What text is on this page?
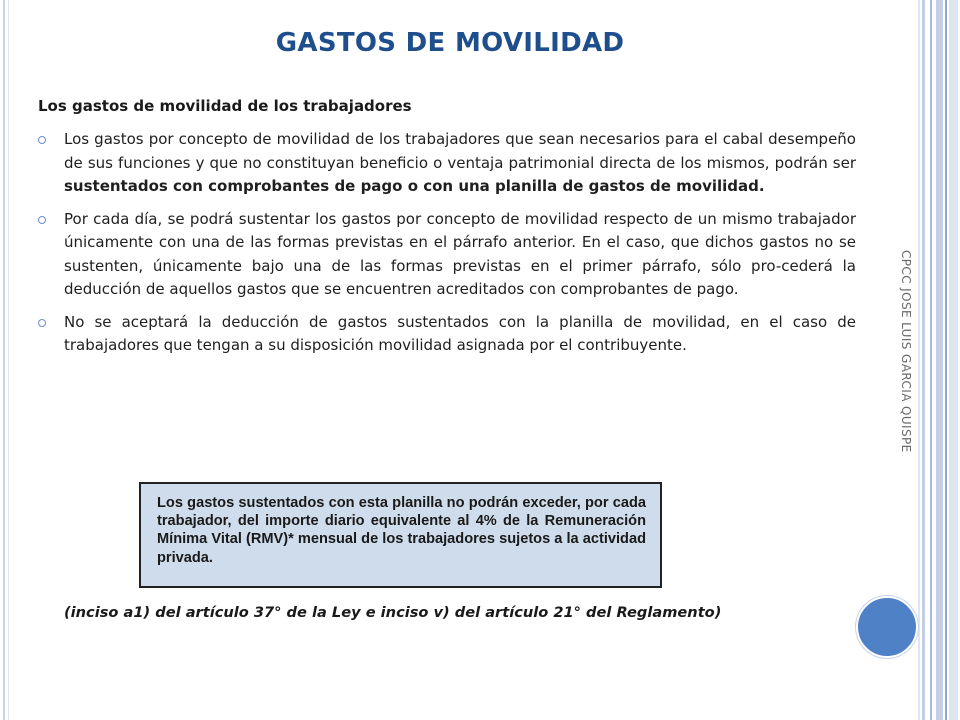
GASTOS DE MOVILIDAD
Los gastos de movilidad de los trabajadores
Los gastos por concepto de movilidad de los trabajadores que sean necesarios para el cabal desempeño de sus funciones y que no constituyan beneficio o ventaja patrimonial directa de los mismos, podrán ser sustentados con comprobantes de pago o con una planilla de gastos de movilidad.
Por cada día, se podrá sustentar los gastos por concepto de movilidad respecto de un mismo trabajador únicamente con una de las formas previstas en el párrafo anterior. En el caso, que dichos gastos no se sustenten, únicamente bajo una de las formas previstas en el primer párrafo, sólo pro-cederá la deducción de aquellos gastos que se encuentren acreditados con comprobantes de pago.
No se aceptará la deducción de gastos sustentados con la planilla de movilidad, en el caso de trabajadores que tengan a su disposición movilidad asignada por el contribuyente.	CPCC JOSE LUIS GARCIA QUISPE
Los gastos sustentados con esta planilla no podrán exceder, por cada trabajador, del importe diario equivalente al 4% de la Remuneración Mínima Vital (RMV)* mensual de los trabajadores sujetos a la actividad privada.
(inciso a1) del artículo 37° de la Ley e inciso v) del artículo 21° del Reglamento)
